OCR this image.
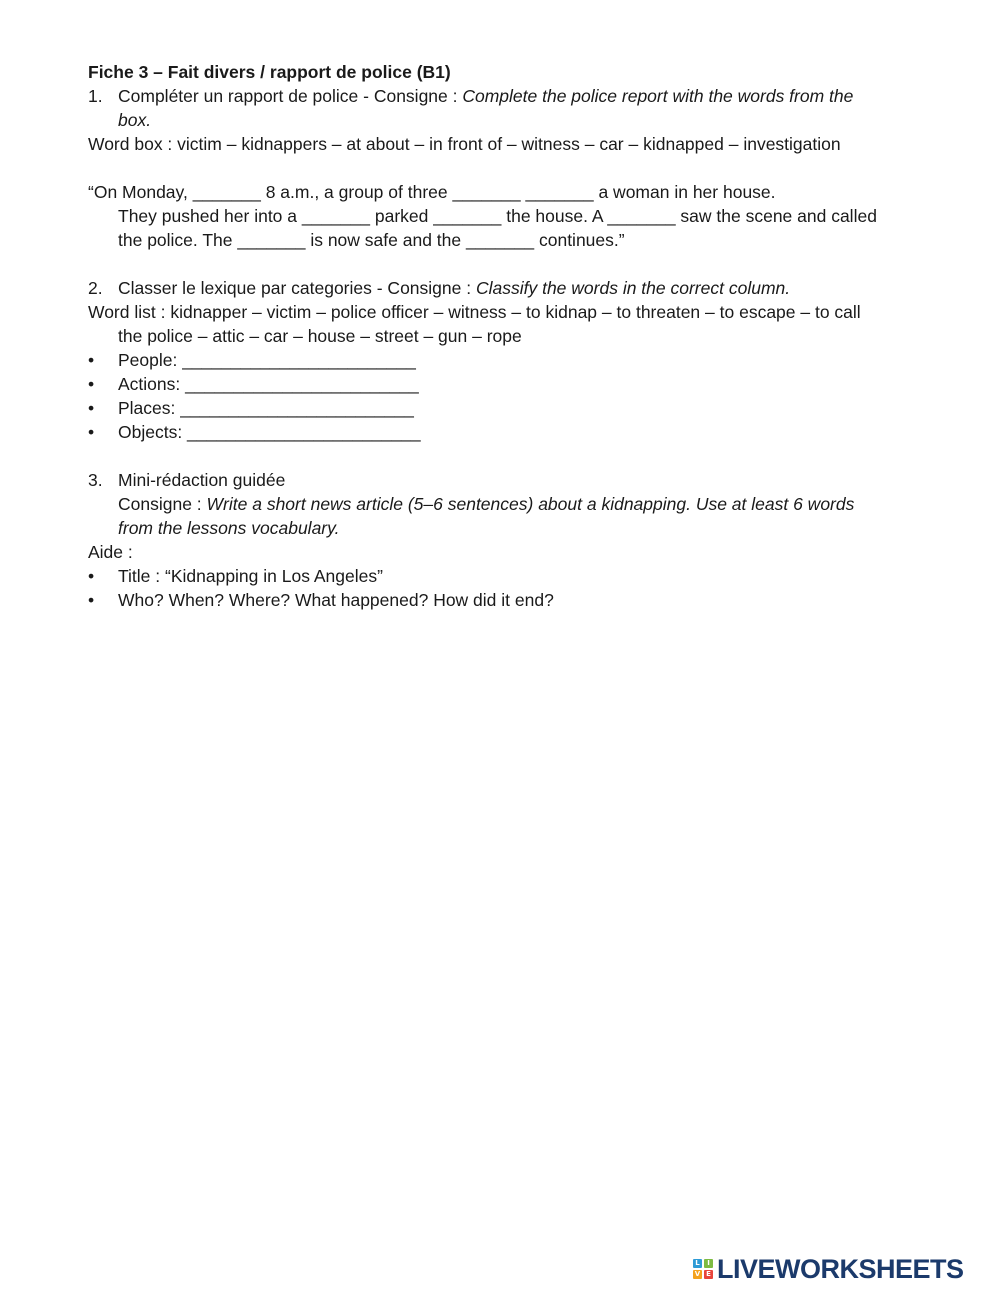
Fiche 3 – Fait divers / rapport de police (B1)
1. Compléter un rapport de police - Consigne : Complete the police report with the words from the
box.
Word box : victim – kidnappers – at about – in front of – witness – car – kidnapped – investigation
“On Monday, _______ 8 a.m., a group of three _______ _______ a woman in her house.
They pushed her into a _______ parked _______ the house. A _______ saw the scene and called
the police. The _______ is now safe and the _______ continues.”
2. Classer le lexique par categories - Consigne : Classify the words in the correct column.
Word list : kidnapper – victim – police officer – witness – to kidnap – to threaten – to escape – to call
the police – attic – car – house – street – gun – rope
•	People: ________________________
•	Actions: ________________________
•	Places: ________________________
•	Objects: ________________________
3. Mini-rédaction guidée
Consigne : Write a short news article (5–6 sentences) about a kidnapping. Use at least 6 words
from the lessons vocabulary.
Aide :
•	Title : “Kidnapping in Los Angeles”
•	Who? When? Where? What happened? How did it end?
L	I
V E LIVEWORKSHEETS
